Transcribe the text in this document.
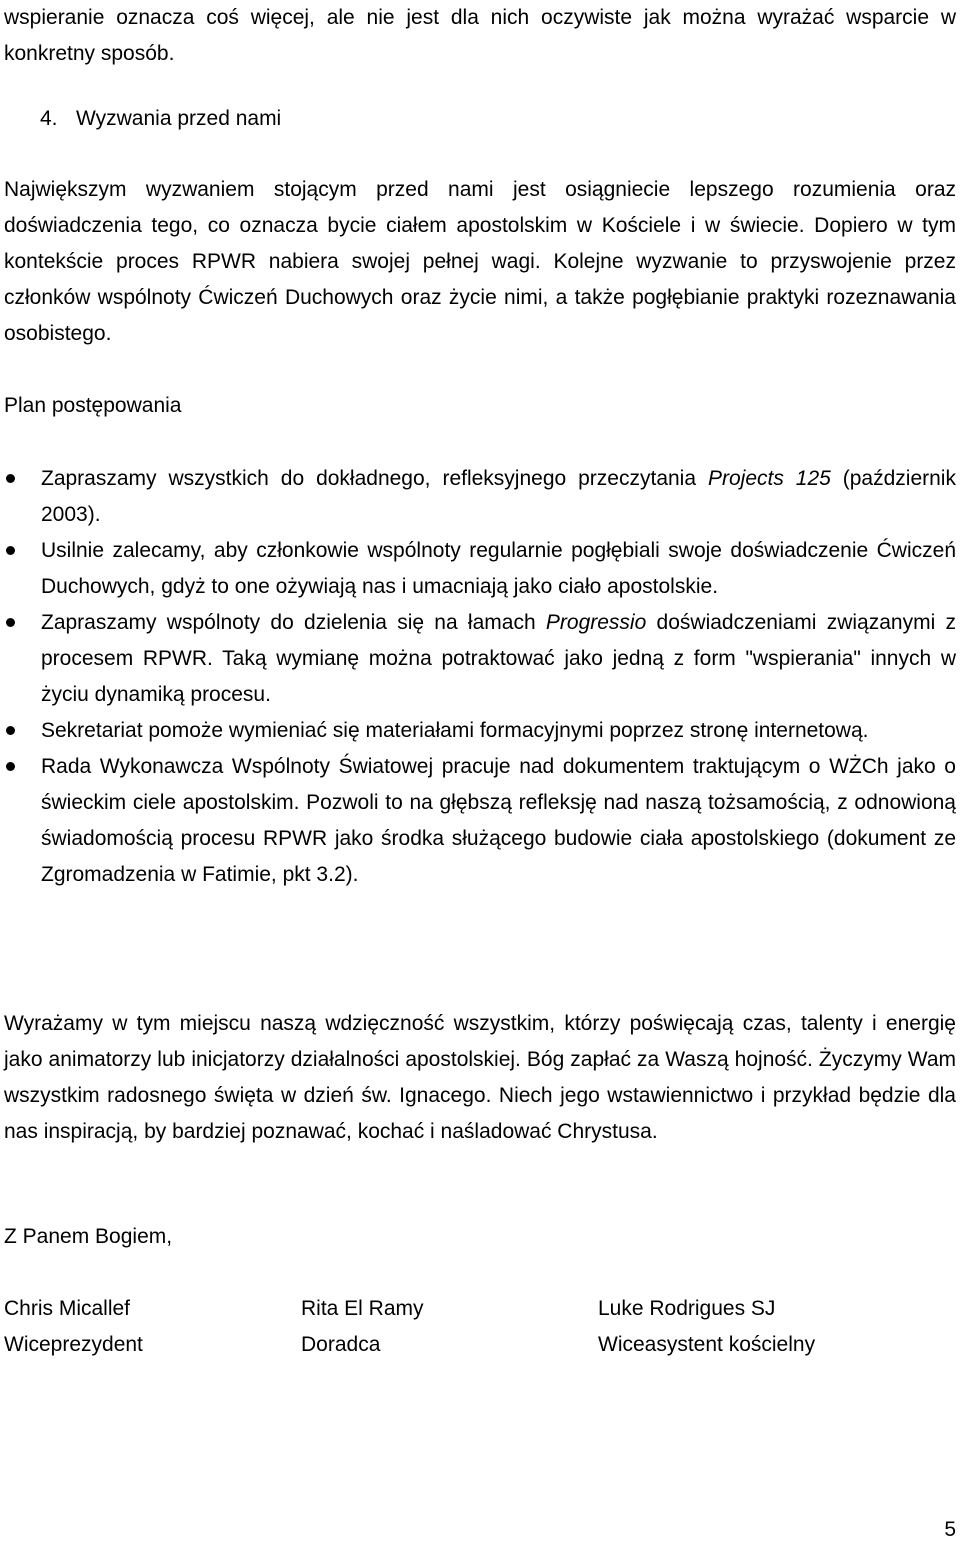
wspieranie oznacza coś więcej, ale nie jest dla nich oczywiste jak można wyrażać wsparcie w konkretny sposób.

4. Wyzwania przed nami

Największym wyzwaniem stojącym przed nami jest osiągniecie lepszego rozumienia oraz doświadczenia tego, co oznacza bycie ciałem apostolskim w Kościele i w świecie. Dopiero w tym kontekście proces RPWR nabiera swojej pełnej wagi. Kolejne wyzwanie to przyswojenie przez członków wspólnoty Ćwiczeń Duchowych oraz życie nimi, a także pogłębianie praktyki rozeznawania osobistego.

Plan postępowania

Zapraszamy wszystkich do dokładnego, refleksyjnego przeczytania Projects 125 (październik 2003).
Usilnie zalecamy, aby członkowie wspólnoty regularnie pogłębiali swoje doświadczenie Ćwiczeń Duchowych, gdyż to one ożywiają nas i umacniają jako ciało apostolskie.
Zapraszamy wspólnoty do dzielenia się na łamach Progressio doświadczeniami związanymi z procesem RPWR. Taką wymianę można potraktować jako jedną z form "wspierania" innych w życiu dynamiką procesu.
Sekretariat pomoże wymieniać się materiałami formacyjnymi poprzez stronę internetową.
Rada Wykonawcza Wspólnoty Światowej pracuje nad dokumentem traktującym o WŻCh jako o świeckim ciele apostolskim. Pozwoli to na głębszą refleksję nad naszą tożsamością, z odnowioną świadomością procesu RPWR jako środka służącego budowie ciała apostolskiego (dokument ze Zgromadzenia w Fatimie, pkt 3.2).

Wyrażamy w tym miejscu naszą wdzięczność wszystkim, którzy poświęcają czas, talenty i energię jako animatorzy lub inicjatorzy działalności apostolskiej. Bóg zapłać za Waszą hojność. Życzymy Wam wszystkim radosnego święta w dzień św. Ignacego. Niech jego wstawiennictwo i przykład będzie dla nas inspiracją, by bardziej poznawać, kochać i naśladować Chrystusa.

Z Panem Bogiem,

Chris Micallef
Wiceprezydent
Rita El Ramy
Doradca
Luke Rodrigues SJ
Wiceasystent kościelny

5
